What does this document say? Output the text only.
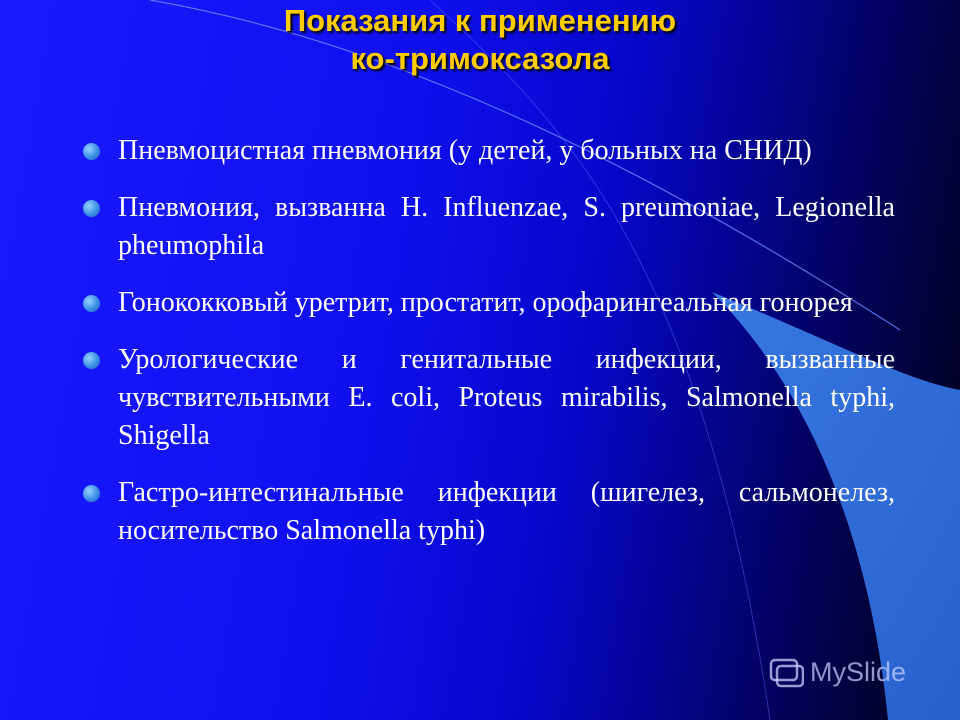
Показания к применению
ко-тримоксазола
Пневмоцистная пневмония (у детей, у больных на СНИД)
Пневмония, вызванна H. Influenzae, S. preumoniae, Legionella pheumophila
Гонококковый уретрит, простатит, орофарингеальная гонорея
Урологические и генитальные инфекции, вызванные чувствительными E. coli, Proteus mirabilis, Salmonella typhi, Shigella
Гастро-интестинальные инфекции (шигелез, сальмонелез, носительство Salmonella typhi)
MySlide
